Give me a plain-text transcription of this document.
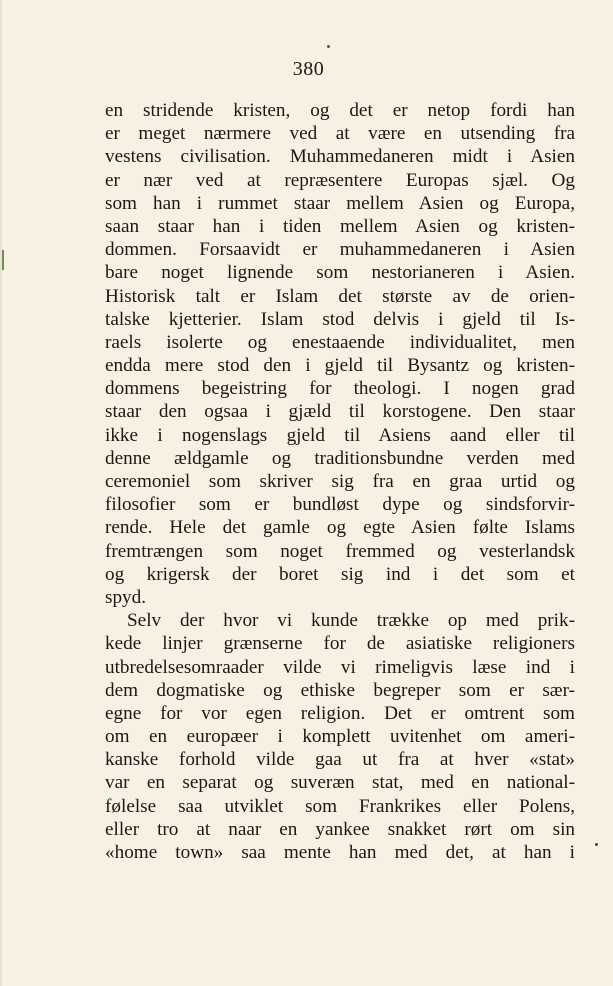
380
en stridende kristen, og det er netop fordi han
er meget nærmere ved at være en utsending fra
vestens civilisation. Muhammedaneren midt i Asien
er nær ved at repræsentere Europas sjæl. Og
som han i rummet staar mellem Asien og Europa,
saan staar han i tiden mellem Asien og kristen-
dommen. Forsaavidt er muhammedaneren i Asien
bare noget lignende som nestorianeren i Asien.
Historisk talt er Islam det største av de orien-
talske kjetterier. Islam stod delvis i gjeld til Is-
raels isolerte og enestaaende individualitet, men
endda mere stod den i gjeld til Bysantz og kristen-
dommens begeistring for theologi. I nogen grad
staar den ogsaa i gjæld til korstogene. Den staar
ikke i nogenslags gjeld til Asiens aand eller til
denne ældgamle og traditionsbundne verden med
ceremoniel som skriver sig fra en graa urtid og
filosofier som er bundløst dype og sindsforvir-
rende. Hele det gamle og egte Asien følte Islams
fremtrængen som noget fremmed og vesterlandsk
og krigersk der boret sig ind i det som et
spyd.
Selv der hvor vi kunde trække op med prik-
kede linjer grænserne for de asiatiske religioners
utbredelsesomraader vilde vi rimeligvis læse ind i
dem dogmatiske og ethiske begreper som er sær-
egne for vor egen religion. Det er omtrent som
om en europæer i komplett uvitenhet om ameri-
kanske forhold vilde gaa ut fra at hver «stat»
var en separat og suveræn stat, med en national-
følelse saa utviklet som Frankrikes eller Polens,
eller tro at naar en yankee snakket rørt om sin
«home town» saa mente han med det, at han i
